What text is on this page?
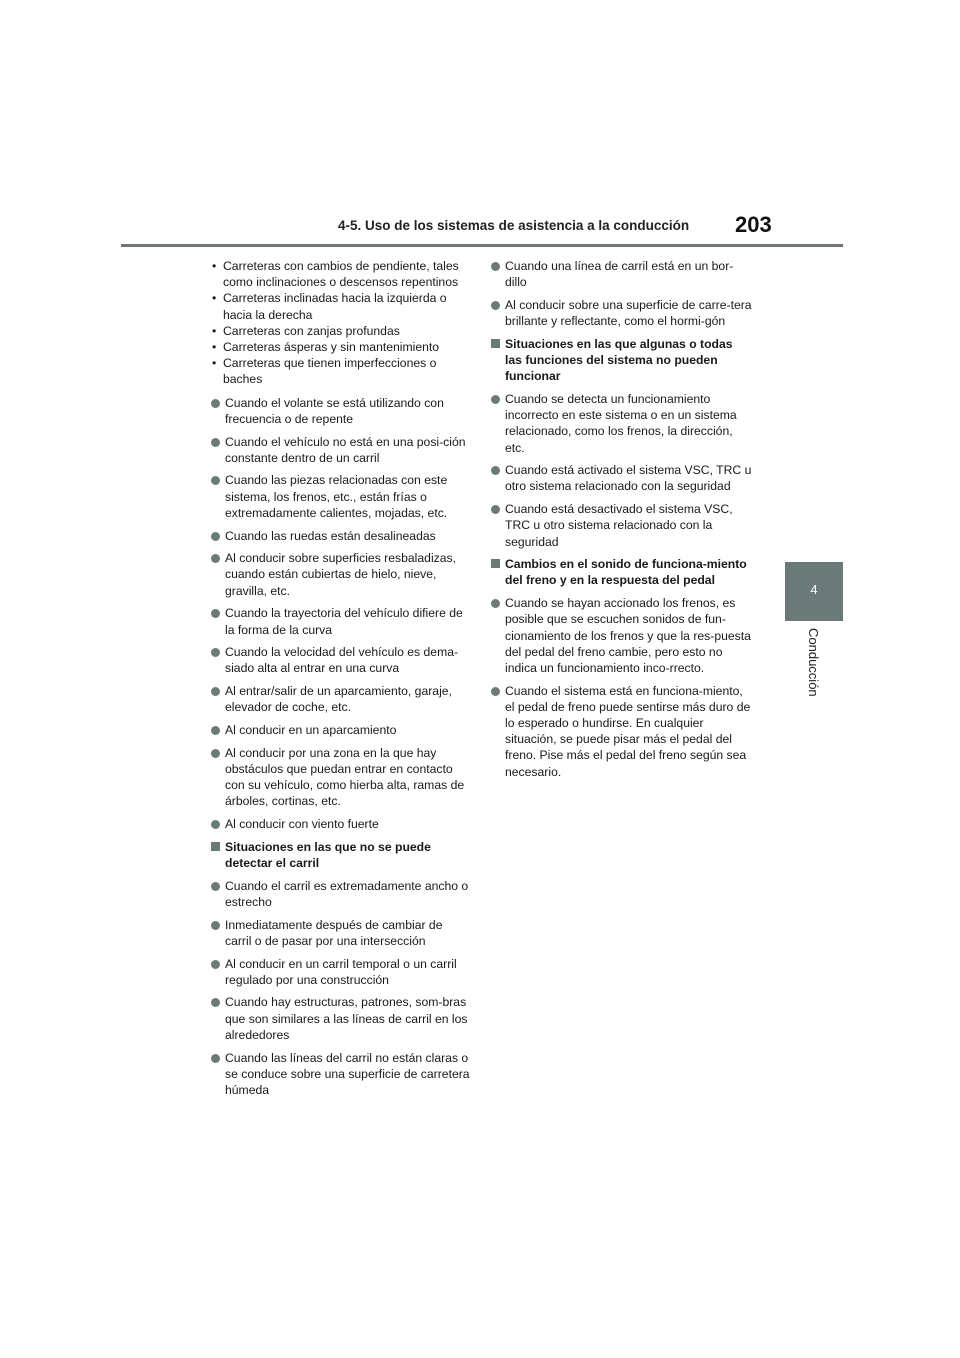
4-5. Uso de los sistemas de asistencia a la conducción 203
4
Conducción
• Carreteras con cambios de pendiente, tales como inclinaciones o descensos repentinos
• Carreteras inclinadas hacia la izquierda o hacia la derecha
• Carreteras con zanjas profundas
• Carreteras ásperas y sin mantenimiento
• Carreteras que tienen imperfecciones o baches
Cuando el volante se está utilizando con frecuencia o de repente
Cuando el vehículo no está en una posi-ción constante dentro de un carril
Cuando las piezas relacionadas con este sistema, los frenos, etc., están frías o extremadamente calientes, mojadas, etc.
Cuando las ruedas están desalineadas
Al conducir sobre superficies resbaladizas, cuando están cubiertas de hielo, nieve, gravilla, etc.
Cuando la trayectoria del vehículo difiere de la forma de la curva
Cuando la velocidad del vehículo es dema-siado alta al entrar en una curva
Al entrar/salir de un aparcamiento, garaje, elevador de coche, etc.
Al conducir en un aparcamiento
Al conducir por una zona en la que hay obstáculos que puedan entrar en contacto con su vehículo, como hierba alta, ramas de árboles, cortinas, etc.
Al conducir con viento fuerte
Situaciones en las que no se puede detectar el carril
Cuando el carril es extremadamente ancho o estrecho
Inmediatamente después de cambiar de carril o de pasar por una intersección
Al conducir en un carril temporal o un carril regulado por una construcción
Cuando hay estructuras, patrones, som-bras que son similares a las líneas de carril en los alrededores
Cuando las líneas del carril no están claras o se conduce sobre una superficie de carretera húmeda
Cuando una línea de carril está en un bor-dillo
Al conducir sobre una superficie de carre-tera brillante y reflectante, como el hormi-gón
Situaciones en las que algunas o todas las funciones del sistema no pueden funcionar
Cuando se detecta un funcionamiento incorrecto en este sistema o en un sistema relacionado, como los frenos, la dirección, etc.
Cuando está activado el sistema VSC, TRC u otro sistema relacionado con la seguridad
Cuando está desactivado el sistema VSC, TRC u otro sistema relacionado con la seguridad
Cambios en el sonido de funciona-miento del freno y en la respuesta del pedal
Cuando se hayan accionado los frenos, es posible que se escuchen sonidos de fun-cionamiento de los frenos y que la res-puesta del pedal del freno cambie, pero esto no indica un funcionamiento inco-rrecto.
Cuando el sistema está en funciona-miento, el pedal de freno puede sentirse más duro de lo esperado o hundirse. En cualquier situación, se puede pisar más el pedal del freno. Pise más el pedal del freno según sea necesario.
